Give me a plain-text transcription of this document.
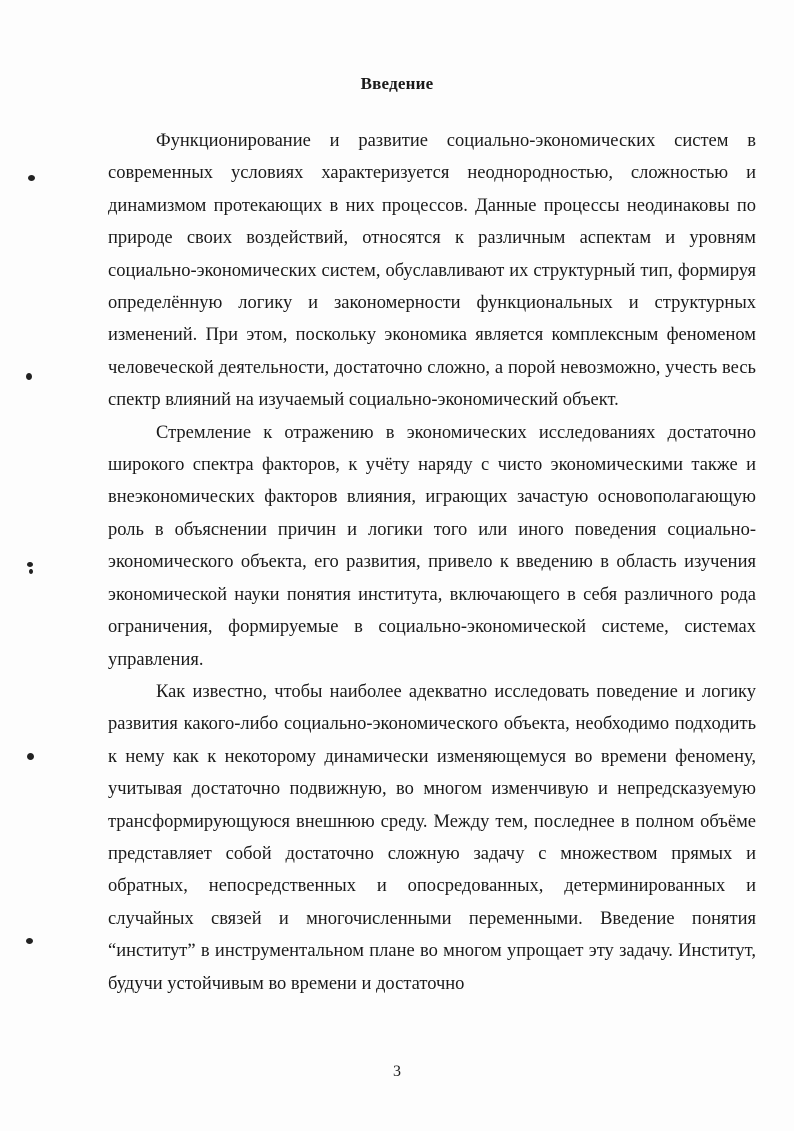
Введение

Функционирование и развитие социально-экономических систем в современных условиях характеризуется неоднородностью, сложностью и динамизмом протекающих в них процессов. Данные процессы неодинаковы по природе своих воздействий, относятся к различным аспектам и уровням социально-экономических систем, обуславливают их структурный тип, формируя определённую логику и закономерности функциональных и структурных изменений. При этом, поскольку экономика является комплексным феноменом человеческой деятельности, достаточно сложно, а порой невозможно, учесть весь спектр влияний на изучаемый социально-экономический объект.

Стремление к отражению в экономических исследованиях достаточно широкого спектра факторов, к учёту наряду с чисто экономическими также и внеэкономических факторов влияния, играющих зачастую основополагающую роль в объяснении причин и логики того или иного поведения социально-экономического объекта, его развития, привело к введению в область изучения экономической науки понятия института, включающего в себя различного рода ограничения, формируемые в социально-экономической системе, системах управления.

Как известно, чтобы наиболее адекватно исследовать поведение и логику развития какого-либо социально-экономического объекта, необходимо подходить к нему как к некоторому динамически изменяющемуся во времени феномену, учитывая достаточно подвижную, во многом изменчивую и непредсказуемую трансформирующуюся внешнюю среду. Между тем, последнее в полном объёме представляет собой достаточно сложную задачу с множеством прямых и обратных, непосредственных и опосредованных, детерминированных и случайных связей и многочисленными переменными. Введение понятия “институт” в инструментальном плане во многом упрощает эту задачу. Институт, будучи устойчивым во времени и достаточно

3
